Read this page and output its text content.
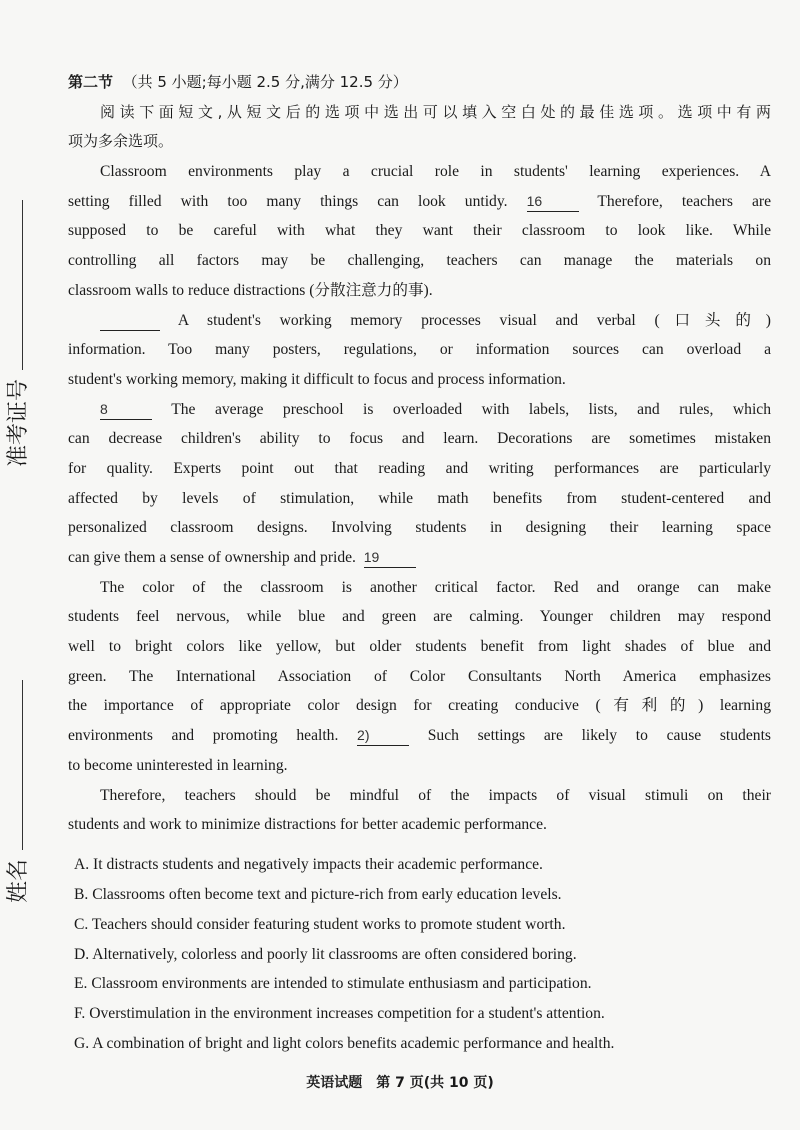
准考证号
姓名
第二节 （共 5 小题;每小题 2.5 分,满分 12.5 分）
阅读下面短文,从短文后的选项中选出可以填入空白处的最佳选项。选项中有两
项为多余选项。
Classroom environments play a crucial role in students' learning experiences. A
setting filled with too many things can look untidy. 16	Therefore, teachers are
supposed to be careful with what they want their classroom to look like. While
controlling all factors may be challenging, teachers can manage the materials on
classroom walls to reduce distractions (分散注意力的事).
A student's working memory processes visual and verbal (口头的)
information. Too many posters, regulations, or information sources can overload a
student's working memory, making it difficult to focus and process information.
8	The average preschool is overloaded with labels, lists, and rules, which
can decrease children's ability to focus and learn. Decorations are sometimes mistaken
for quality. Experts point out that reading and writing performances are particularly
affected by levels of stimulation, while math benefits from student-centered and
personalized classroom designs. Involving students in designing their learning space
can give them a sense of ownership and pride. 19
The color of the classroom is another critical factor. Red and orange can make
students feel nervous, while blue and green are calming. Younger children may respond
well to bright colors like yellow, but older students benefit from light shades of blue and
green. The International Association of Color Consultants North America emphasizes
the importance of appropriate color design for creating conducive (有利的) learning
environments and promoting health. 2)	Such settings are likely to cause students
to become uninterested in learning.
Therefore, teachers should be mindful of the impacts of visual stimuli on their
students and work to minimize distractions for better academic performance.
A. It distracts students and negatively impacts their academic performance.
B. Classrooms often become text and picture-rich from early education levels.
C. Teachers should consider featuring student works to promote student worth.
D. Alternatively, colorless and poorly lit classrooms are often considered boring.
E. Classroom environments are intended to stimulate enthusiasm and participation.
F. Overstimulation in the environment increases competition for a student's attention.
G. A combination of bright and light colors benefits academic performance and health.
英语试题　第 7 页(共 10 页)
